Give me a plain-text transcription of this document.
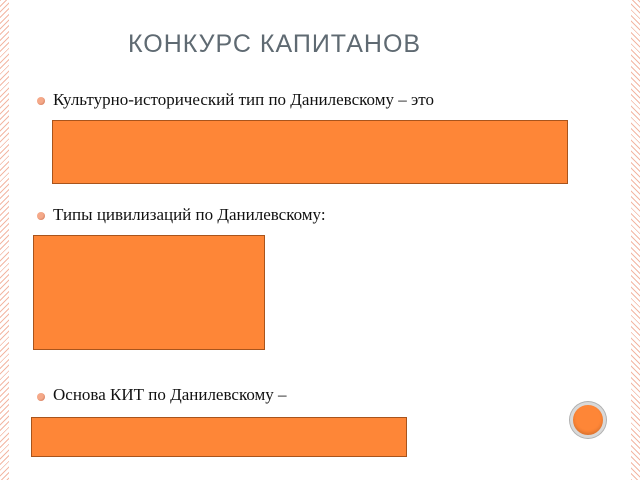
КОНКУРС КАПИТАНОВ
Культурно-исторический тип по Данилевскому – это
Типы цивилизаций по Данилевскому:
Основа КИТ по Данилевскому –
